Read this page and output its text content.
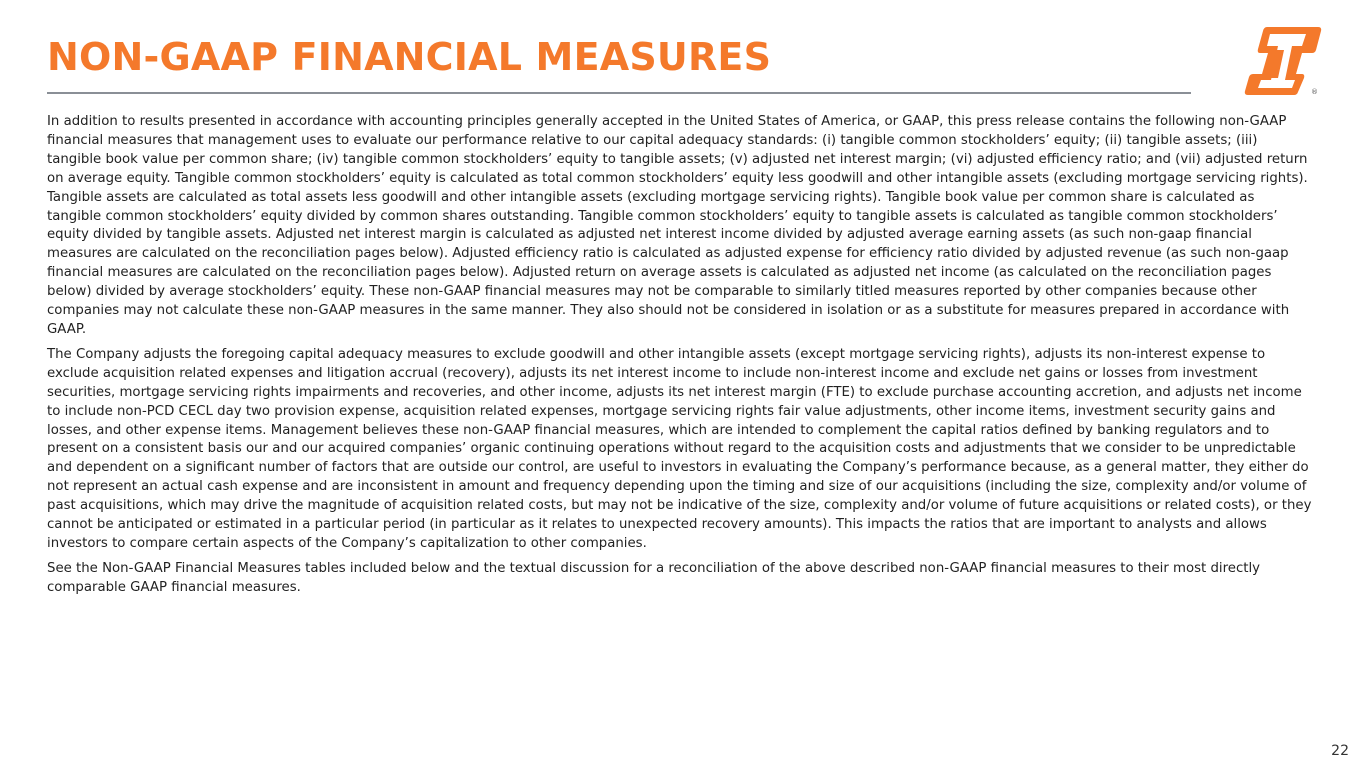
NON-GAAP FINANCIAL MEASURES
®

In addition to results presented in accordance with accounting principles generally accepted in the United States of America, or GAAP, this press release contains the following non-GAAP financial measures that management uses to evaluate our performance relative to our capital adequacy standards: (i) tangible common stockholders’ equity; (ii) tangible assets; (iii) tangible book value per common share; (iv) tangible common stockholders’ equity to tangible assets; (v) adjusted net interest margin; (vi) adjusted efficiency ratio; and (vii) adjusted return on average equity. Tangible common stockholders’ equity is calculated as total common stockholders’ equity less goodwill and other intangible assets (excluding mortgage servicing rights). Tangible assets are calculated as total assets less goodwill and other intangible assets (excluding mortgage servicing rights). Tangible book value per common share is calculated as tangible common stockholders’ equity divided by common shares outstanding. Tangible common stockholders’ equity to tangible assets is calculated as tangible common stockholders’ equity divided by tangible assets. Adjusted net interest margin is calculated as adjusted net interest income divided by adjusted average earning assets (as such non-gaap financial measures are calculated on the reconciliation pages below). Adjusted efficiency ratio is calculated as adjusted expense for efficiency ratio divided by adjusted revenue (as such non-gaap financial measures are calculated on the reconciliation pages below). Adjusted return on average assets is calculated as adjusted net income (as calculated on the reconciliation pages below) divided by average stockholders’ equity. These non-GAAP financial measures may not be comparable to similarly titled measures reported by other companies because other companies may not calculate these non-GAAP measures in the same manner. They also should not be considered in isolation or as a substitute for measures prepared in accordance with GAAP.

The Company adjusts the foregoing capital adequacy measures to exclude goodwill and other intangible assets (except mortgage servicing rights), adjusts its non-interest expense to exclude acquisition related expenses and litigation accrual (recovery), adjusts its net interest income to include non-interest income and exclude net gains or losses from investment securities, mortgage servicing rights impairments and recoveries, and other income, adjusts its net interest margin (FTE) to exclude purchase accounting accretion, and adjusts net income to include non-PCD CECL day two provision expense, acquisition related expenses, mortgage servicing rights fair value adjustments, other income items, investment security gains and losses, and other expense items. Management believes these non-GAAP financial measures, which are intended to complement the capital ratios defined by banking regulators and to present on a consistent basis our and our acquired companies’ organic continuing operations without regard to the acquisition costs and adjustments that we consider to be unpredictable and dependent on a significant number of factors that are outside our control, are useful to investors in evaluating the Company’s performance because, as a general matter, they either do not represent an actual cash expense and are inconsistent in amount and frequency depending upon the timing and size of our acquisitions (including the size, complexity and/or volume of past acquisitions, which may drive the magnitude of acquisition related costs, but may not be indicative of the size, complexity and/or volume of future acquisitions or related costs), or they cannot be anticipated or estimated in a particular period (in particular as it relates to unexpected recovery amounts). This impacts the ratios that are important to analysts and allows investors to compare certain aspects of the Company’s capitalization to other companies.

See the Non-GAAP Financial Measures tables included below and the textual discussion for a reconciliation of the above described non-GAAP financial measures to their most directly comparable GAAP financial measures.

22
